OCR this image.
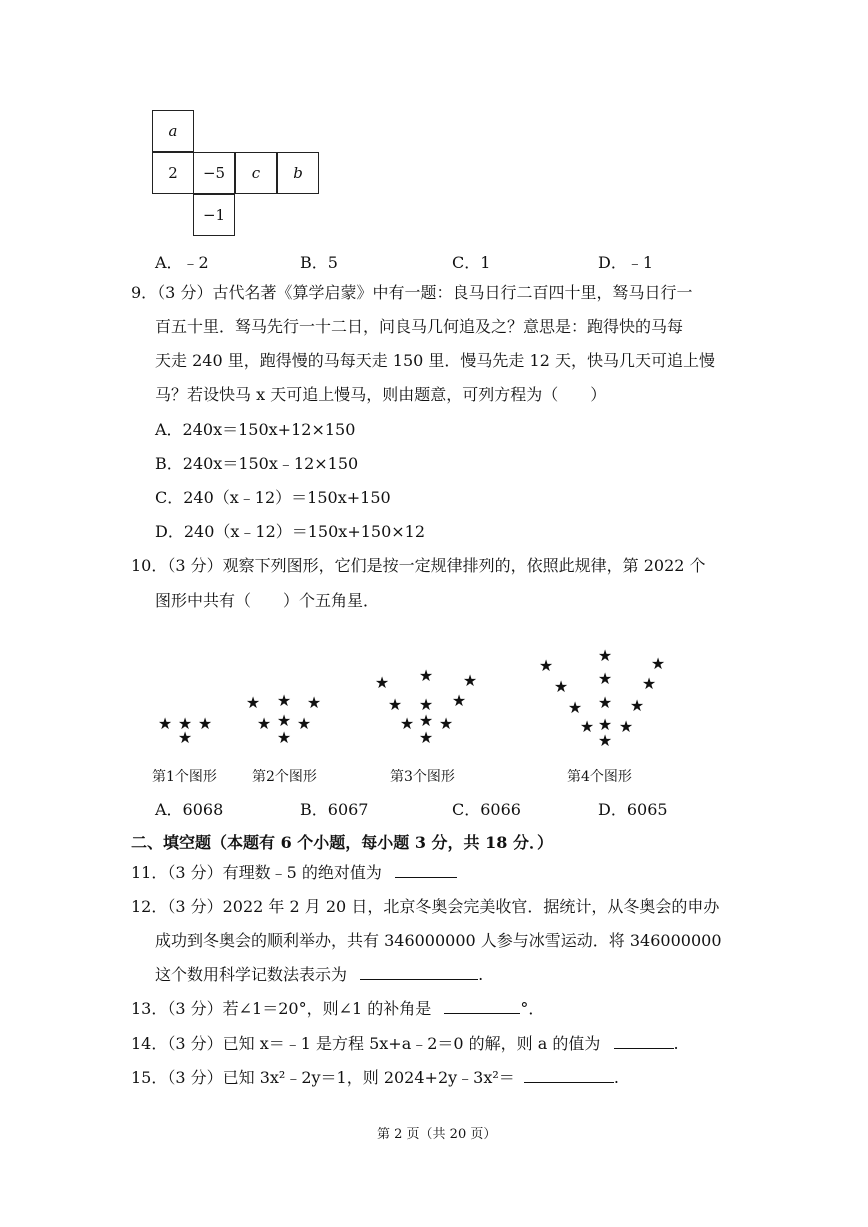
a
2	−5	c	b
−1
A．﹣2	B．5	C．1	D．﹣1
9．（3 分）古代名著《算学启蒙》中有一题：良马日行二百四十里，驽马日行一
百五十里．驽马先行一十二日，问良马几何追及之？意思是：跑得快的马每
天走 240 里，跑得慢的马每天走 150 里．慢马先走 12 天，快马几天可追上慢
马？若设快马 x 天可追上慢马，则由题意，可列方程为（　　）
A．240x＝150x+12×150
B．240x＝150x﹣12×150
C．240（x﹣12）＝150x+150
D．240（x﹣12）＝150x+150×12
10．（3 分）观察下列图形，它们是按一定规律排列的，依照此规律，第 2022 个
图形中共有（　　）个五角星．
★ ★ ★
★
★ ★ ★
★ ★ ★
★
★ ★ ★
★ ★ ★
★ ★ ★
★
★
★ ★
★ ★ ★
★ ★ ★
★ ★ ★
★
第1个图形	第2个图形	第3个图形	第4个图形
A．6068	B．6067	C．6066	D．6065
二、填空题（本题有 6 个小题，每小题 3 分，共 18 分．）
11．（3 分）有理数﹣5 的绝对值为
12．（3 分）2022 年 2 月 20 日，北京冬奥会完美收官．据统计，从冬奥会的申办
成功到冬奥会的顺利举办，共有 346000000 人参与冰雪运动．将 346000000
这个数用科学记数法表示为	.
13．（3 分）若∠1＝20°，则∠1 的补角是	°．
14．（3 分）已知 x＝﹣1 是方程 5x+a﹣2＝0 的解，则 a 的值为	.
15．（3 分）已知 3x²﹣2y＝1，则 2024+2y﹣3x²＝	.
第 2 页（共 20 页）
